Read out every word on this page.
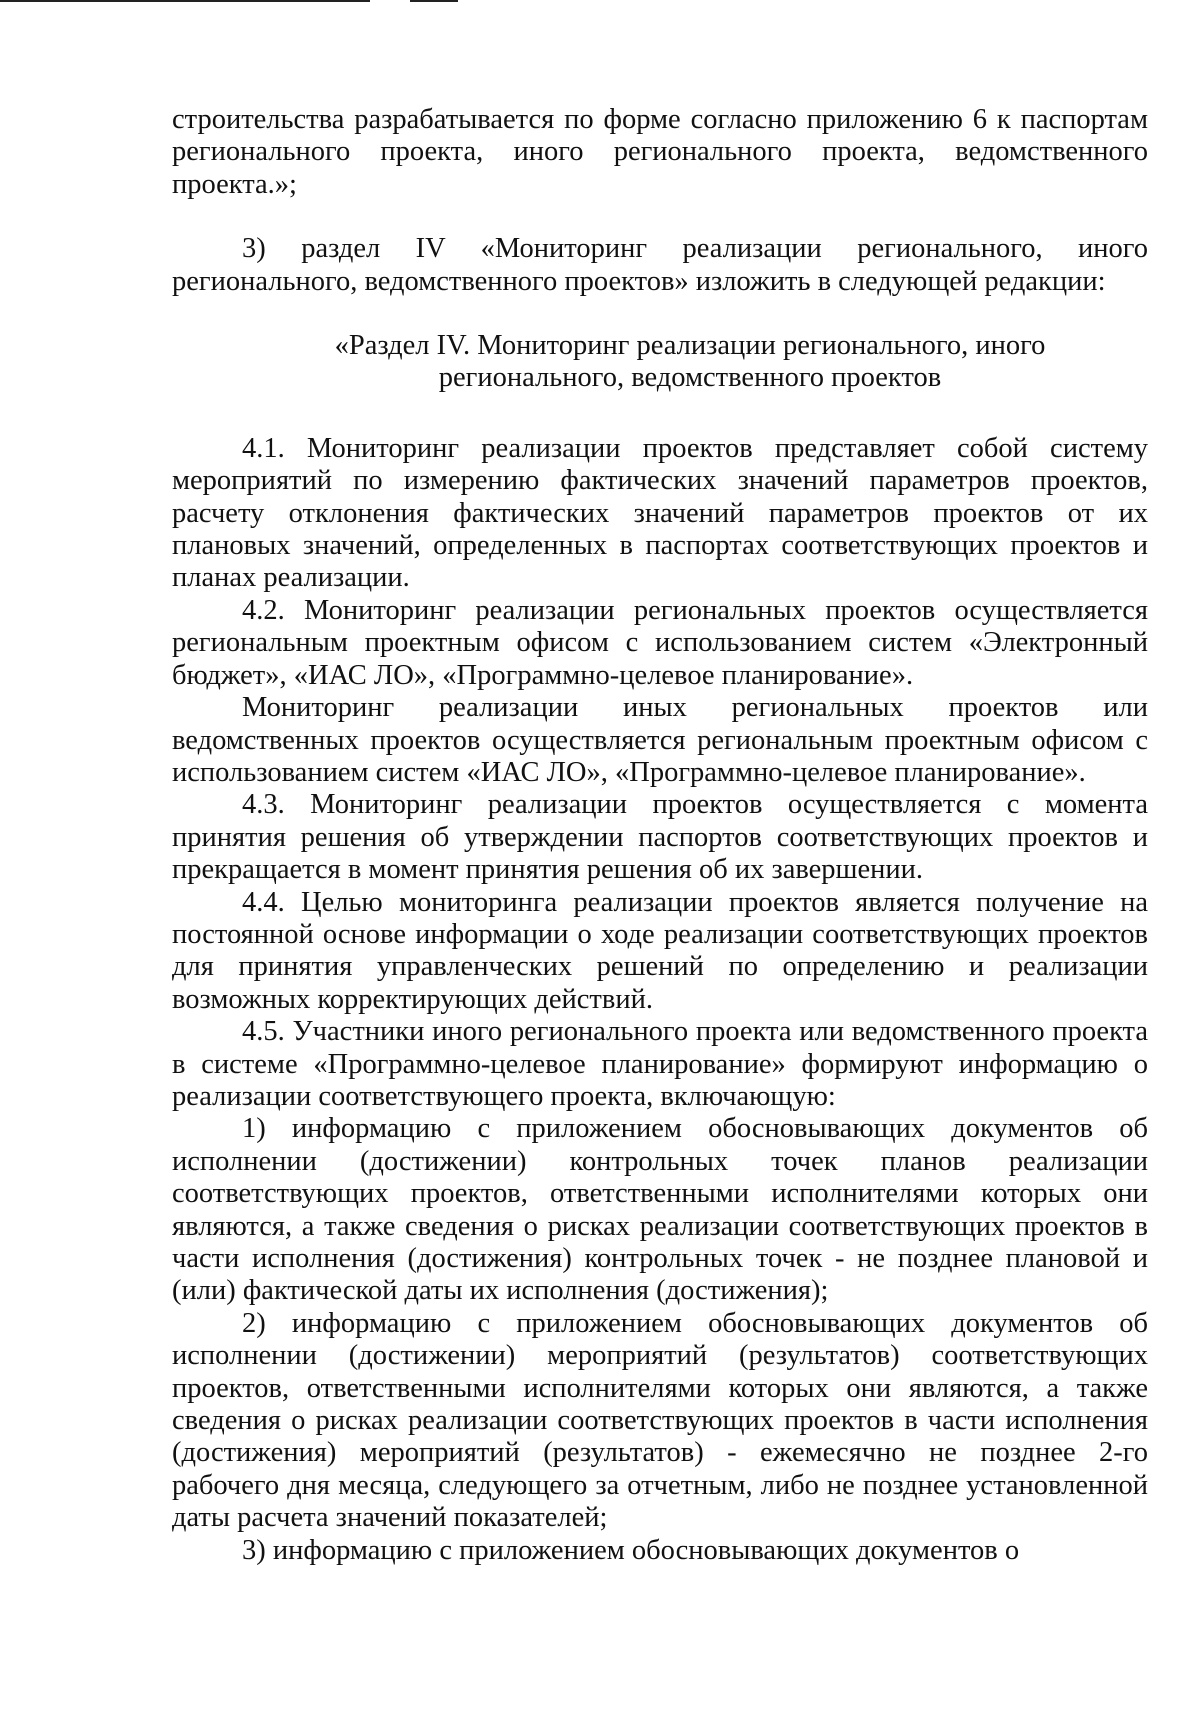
строительства разрабатывается по форме согласно приложению 6 к паспортам регионального проекта, иного регионального проекта, ведомственного проекта.»;

3) раздел IV «Мониторинг реализации регионального, иного регионального, ведомственного проектов» изложить в следующей редакции:

«Раздел IV. Мониторинг реализации регионального, иного
регионального, ведомственного проектов

4.1. Мониторинг реализации проектов представляет собой систему мероприятий по измерению фактических значений параметров проектов, расчету отклонения фактических значений параметров проектов от их плановых значений, определенных в паспортах соответствующих проектов и планах реализации.

4.2. Мониторинг реализации региональных проектов осуществляется региональным проектным офисом с использованием систем «Электронный бюджет», «ИАС ЛО», «Программно-целевое планирование».

Мониторинг реализации иных региональных проектов или ведомственных проектов осуществляется региональным проектным офисом с использованием систем «ИАС ЛО», «Программно-целевое планирование».

4.3. Мониторинг реализации проектов осуществляется с момента принятия решения об утверждении паспортов соответствующих проектов и прекращается в момент принятия решения об их завершении.

4.4. Целью мониторинга реализации проектов является получение на постоянной основе информации о ходе реализации соответствующих проектов для принятия управленческих решений по определению и реализации возможных корректирующих действий.

4.5. Участники иного регионального проекта или ведомственного проекта в системе «Программно-целевое планирование» формируют информацию о реализации соответствующего проекта, включающую:

1) информацию с приложением обосновывающих документов об исполнении (достижении) контрольных точек планов реализации соответствующих проектов, ответственными исполнителями которых они являются, а также сведения о рисках реализации соответствующих проектов в части исполнения (достижения) контрольных точек - не позднее плановой и (или) фактической даты их исполнения (достижения);

2) информацию с приложением обосновывающих документов об исполнении (достижении) мероприятий (результатов) соответствующих проектов, ответственными исполнителями которых они являются, а также сведения о рисках реализации соответствующих проектов в части исполнения (достижения) мероприятий (результатов) - ежемесячно не позднее 2-го рабочего дня месяца, следующего за отчетным, либо не позднее установленной даты расчета значений показателей;

3) информацию с приложением обосновывающих документов о
